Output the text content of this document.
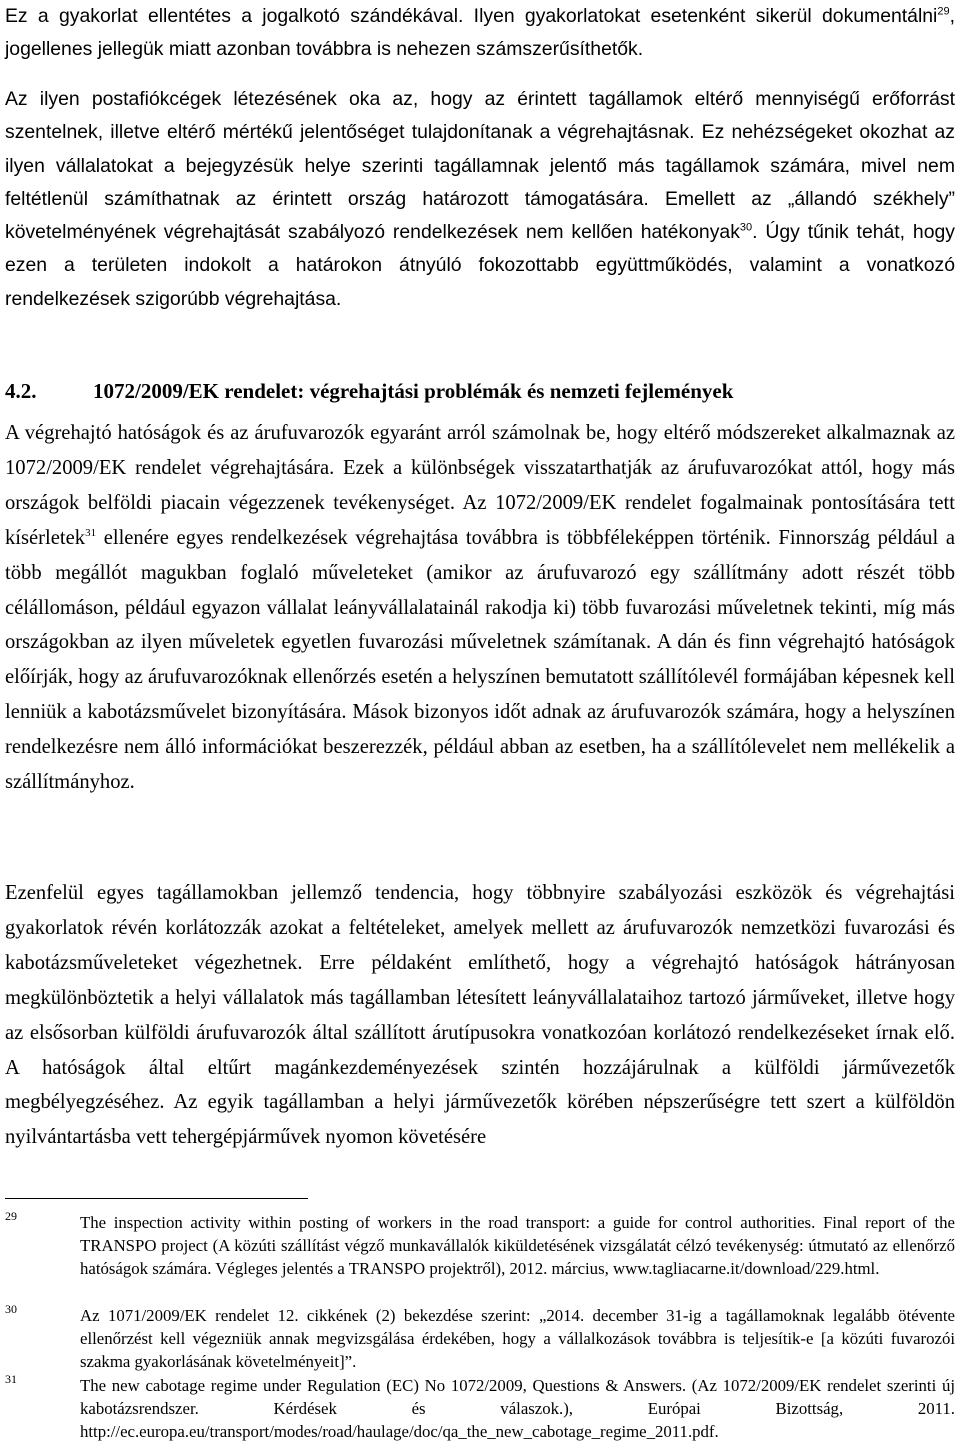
Ez a gyakorlat ellentétes a jogalkotó szándékával. Ilyen gyakorlatokat esetenként sikerül dokumentálni$^{29}$, jogellenes jellegük miatt azonban továbbra is nehezen számszerűsíthetők.

Az ilyen postafiókcégek létezésének oka az, hogy az érintett tagállamok eltérő mennyiségű erőforrást szentelnek, illetve eltérő mértékű jelentőséget tulajdonítanak a végrehajtásnak. Ez nehézségeket okozhat az ilyen vállalatokat a bejegyzésük helye szerinti tagállamnak jelentő más tagállamok számára, mivel nem feltétlenül számíthatnak az érintett ország határozott támogatására. Emellett az „állandó székhely” követelményének végrehajtását szabályozó rendelkezések nem kellően hatékonyak$^{30}$. Úgy tűnik tehát, hogy ezen a területen indokolt a határokon átnyúló fokozottabb együttműködés, valamint a vonatkozó rendelkezések szigorúbb végrehajtása.

4.2.	1072/2009/EK rendelet: végrehajtási problémák és nemzeti fejlemények

A végrehajtó hatóságok és az árufuvarozók egyaránt arról számolnak be, hogy eltérő módszereket alkalmaznak az 1072/2009/EK rendelet végrehajtására. Ezek a különbségek visszatarthatják az árufuvarozókat attól, hogy más országok belföldi piacain végezzenek tevékenységet. Az 1072/2009/EK rendelet fogalmainak pontosítására tett kísérletek$^{31}$ ellenére egyes rendelkezések végrehajtása továbbra is többféleképpen történik. Finnország például a több megállót magukban foglaló műveleteket (amikor az árufuvarozó egy szállítmány adott részét több célállomáson, például egyazon vállalat leányvállalatainál rakodja ki) több fuvarozási műveletnek tekinti, míg más országokban az ilyen műveletek egyetlen fuvarozási műveletnek számítanak. A dán és finn végrehajtó hatóságok előírják, hogy az árufuvarozóknak ellenőrzés esetén a helyszínen bemutatott szállítólevél formájában képesnek kell lenniük a kabotázsművelet bizonyítására. Mások bizonyos időt adnak az árufuvarozók számára, hogy a helyszínen rendelkezésre nem álló információkat beszerezzék, például abban az esetben, ha a szállítólevelet nem mellékelik a szállítmányhoz.

Ezenfelül egyes tagállamokban jellemző tendencia, hogy többnyire szabályozási eszközök és végrehajtási gyakorlatok révén korlátozzák azokat a feltételeket, amelyek mellett az árufuvarozók nemzetközi fuvarozási és kabotázsműveleteket végezhetnek. Erre példaként említhető, hogy a végrehajtó hatóságok hátrányosan megkülönböztetik a helyi vállalatok más tagállamban létesített leányvállalataihoz tartozó járműveket, illetve hogy az elsősorban külföldi árufuvarozók által szállított árutípusokra vonatkozóan korlátozó rendelkezéseket írnak elő. A hatóságok által eltűrt magánkezdeményezések szintén hozzájárulnak a külföldi járművezetők megbélyegzéséhez. Az egyik tagállamban a helyi járművezetők körében népszerűségre tett szert a külföldön nyilvántartásba vett tehergépjárművek nyomon követésére

29	The inspection activity within posting of workers in the road transport: a guide for control authorities. Final report of the TRANSPO project (A közúti szállítást végző munkavállalók kiküldetésének vizsgálatát célzó tevékenység: útmutató az ellenőrző hatóságok számára. Végleges jelentés a TRANSPO projektről), 2012. március, www.tagliacarne.it/download/229.html.

30	Az 1071/2009/EK rendelet 12. cikkének (2) bekezdése szerint: „2014. december 31-ig a tagállamoknak legalább ötévente ellenőrzést kell végezniük annak megvizsgálása érdekében, hogy a vállalkozások továbbra is teljesítik-e [a közúti fuvarozói szakma gyakorlásának követelményeit]”.

31	The new cabotage regime under Regulation (EC) No 1072/2009, Questions & Answers. (Az 1072/2009/EK rendelet szerinti új kabotázsrendszer. Kérdések és válaszok.), Európai Bizottság, 2011. http://ec.europa.eu/transport/modes/road/haulage/doc/qa_the_new_cabotage_regime_2011.pdf.
